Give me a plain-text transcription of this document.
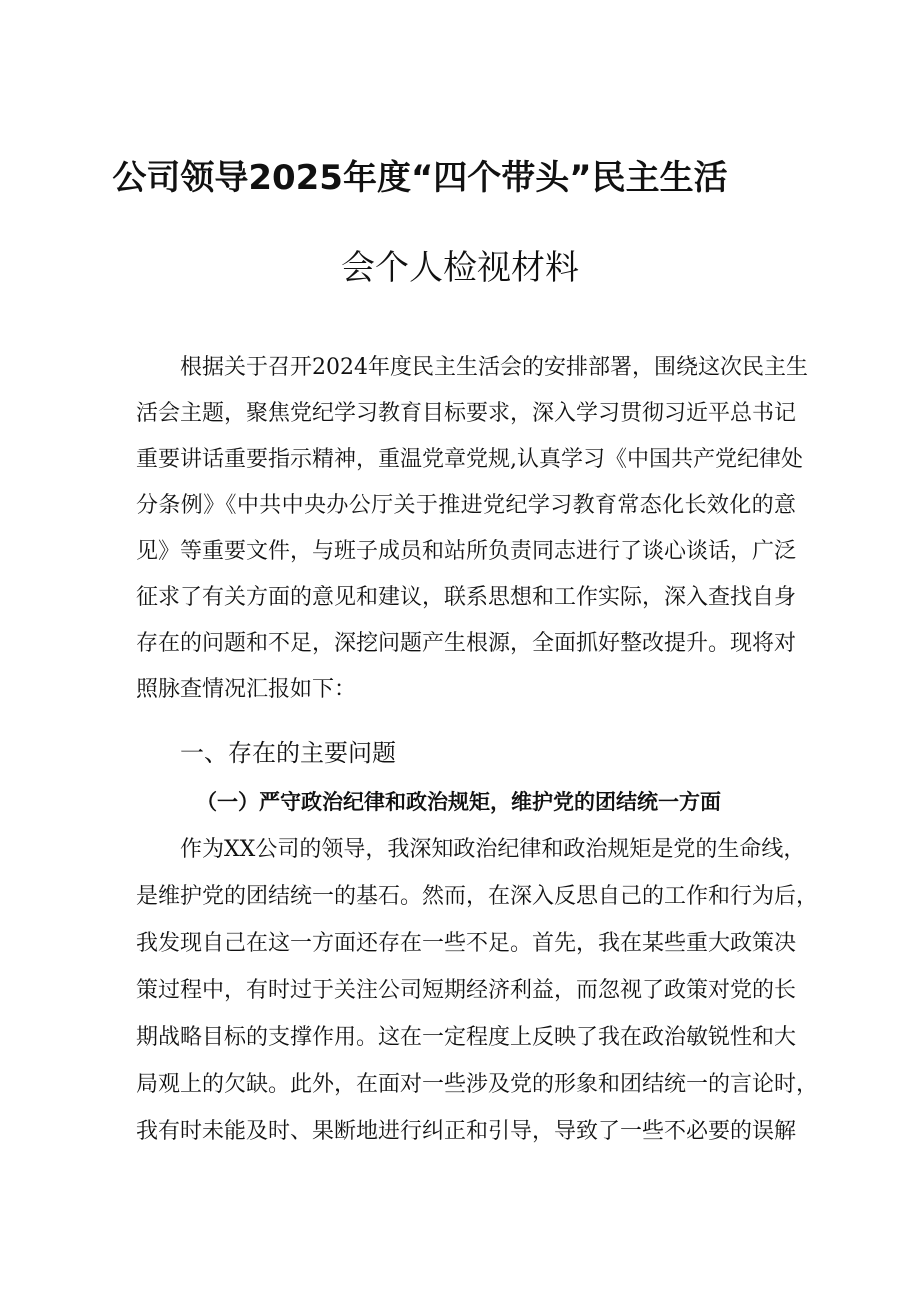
公司领导2025年度“四个带头”民主生活
会个人检视材料
根据关于召开2024年度民主生活会的安排部署，围绕这次民主生
活会主题，聚焦党纪学习教育目标要求，深入学习贯彻习近平总书记
重要讲话重要指示精神，重温党章党规,认真学习《中国共产党纪律处
分条例》《中共中央办公厅关于推进党纪学习教育常态化长效化的意
见》等重要文件，与班子成员和站所负责同志进行了谈心谈话，广泛
征求了有关方面的意见和建议，联系思想和工作实际，深入查找自身
存在的问题和不足，深挖问题产生根源，全面抓好整改提升。现将对
照脉查情况汇报如下：
一、存在的主要问题
（一）严守政治纪律和政治规矩，维护党的团结统一方面
作为XX公司的领导，我深知政治纪律和政治规矩是党的生命线，
是维护党的团结统一的基石。然而，在深入反思自己的工作和行为后，
我发现自己在这一方面还存在一些不足。首先，我在某些重大政策决
策过程中，有时过于关注公司短期经济利益，而忽视了政策对党的长
期战略目标的支撑作用。这在一定程度上反映了我在政治敏锐性和大
局观上的欠缺。此外，在面对一些涉及党的形象和团结统一的言论时，
我有时未能及时、果断地进行纠正和引导，导致了一些不必要的误解
